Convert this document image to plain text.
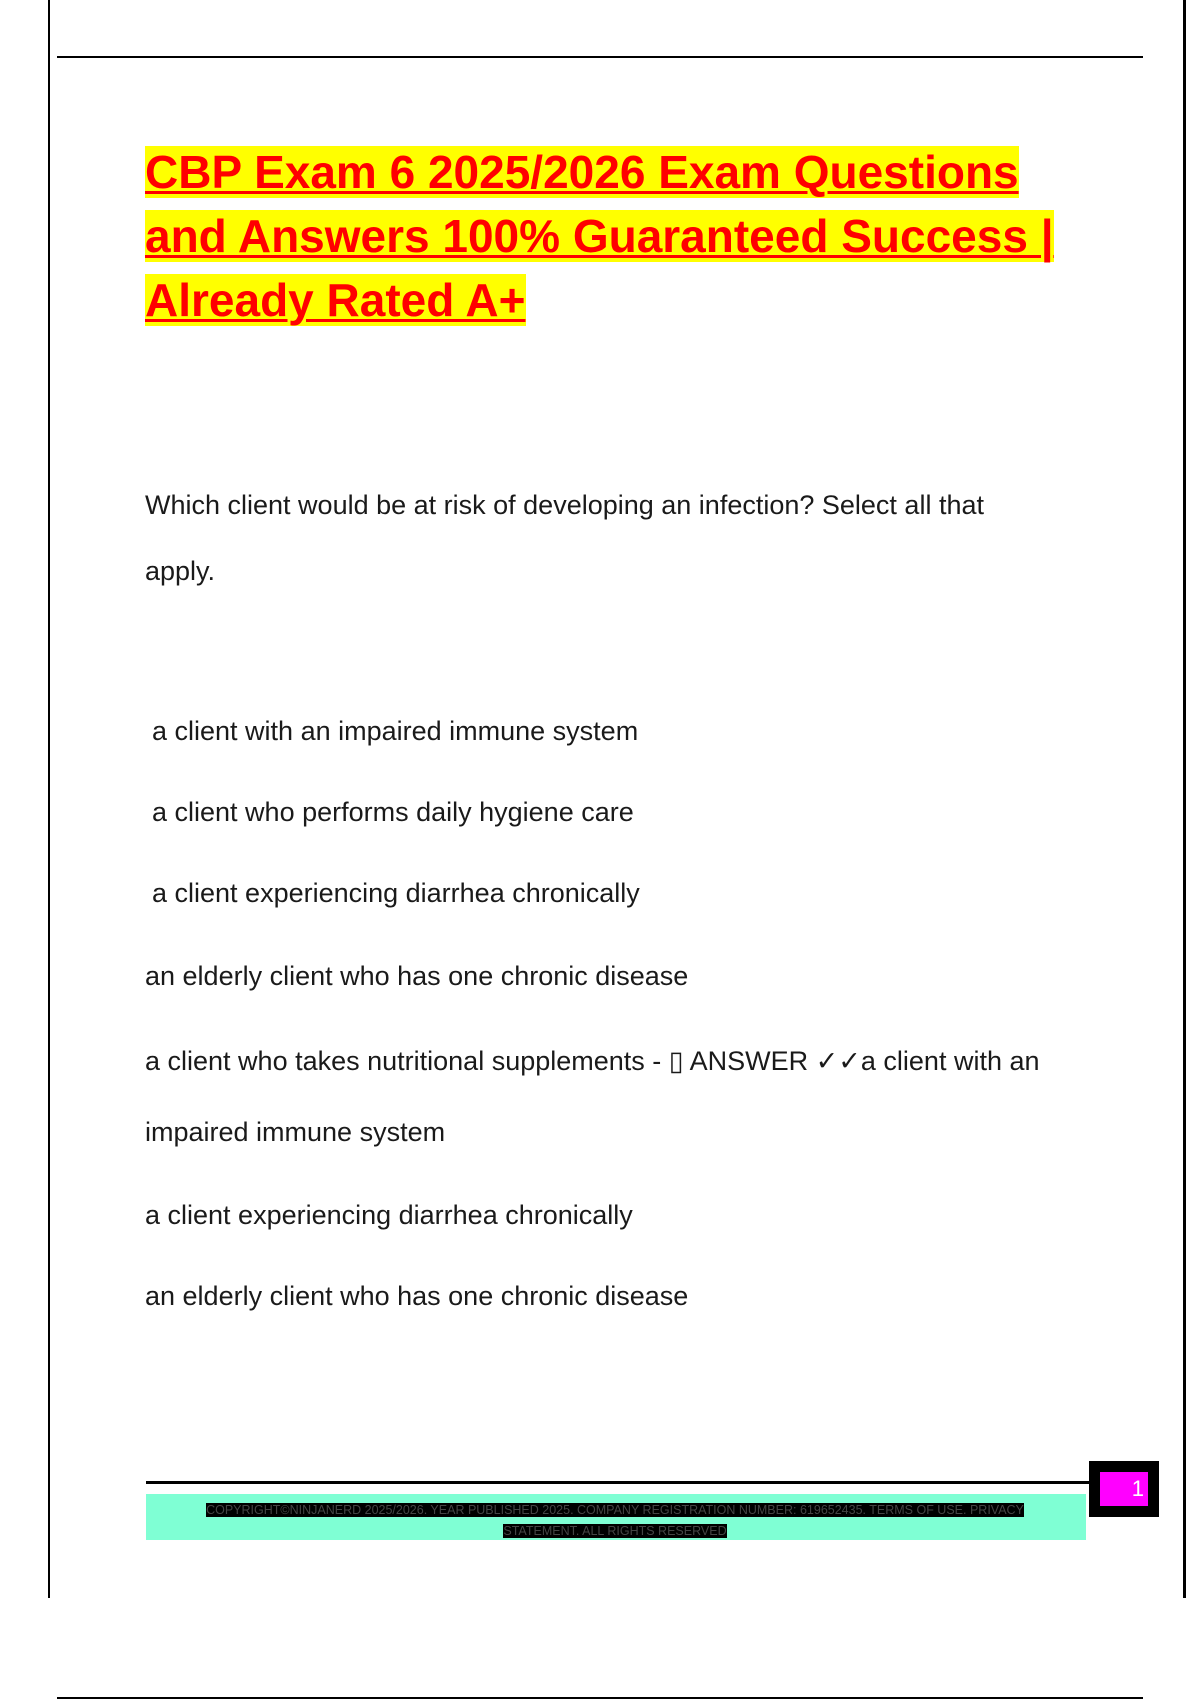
CBP Exam 6 2025/2026 Exam Questions and Answers 100% Guaranteed Success | Already Rated A+

Which client would be at risk of developing an infection? Select all that

apply.

a client with an impaired immune system

a client who performs daily hygiene care

a client experiencing diarrhea chronically

an elderly client who has one chronic disease

a client who takes nutritional supplements - ▯ ANSWER ✓✓a client with an

impaired immune system

a client experiencing diarrhea chronically

an elderly client who has one chronic disease

COPYRIGHT©NINJANERD 2025/2026. YEAR PUBLISHED 2025. COMPANY REGISTRATION NUMBER: 619652435. TERMS OF USE. PRIVACY
STATEMENT. ALL RIGHTS RESERVED
1
